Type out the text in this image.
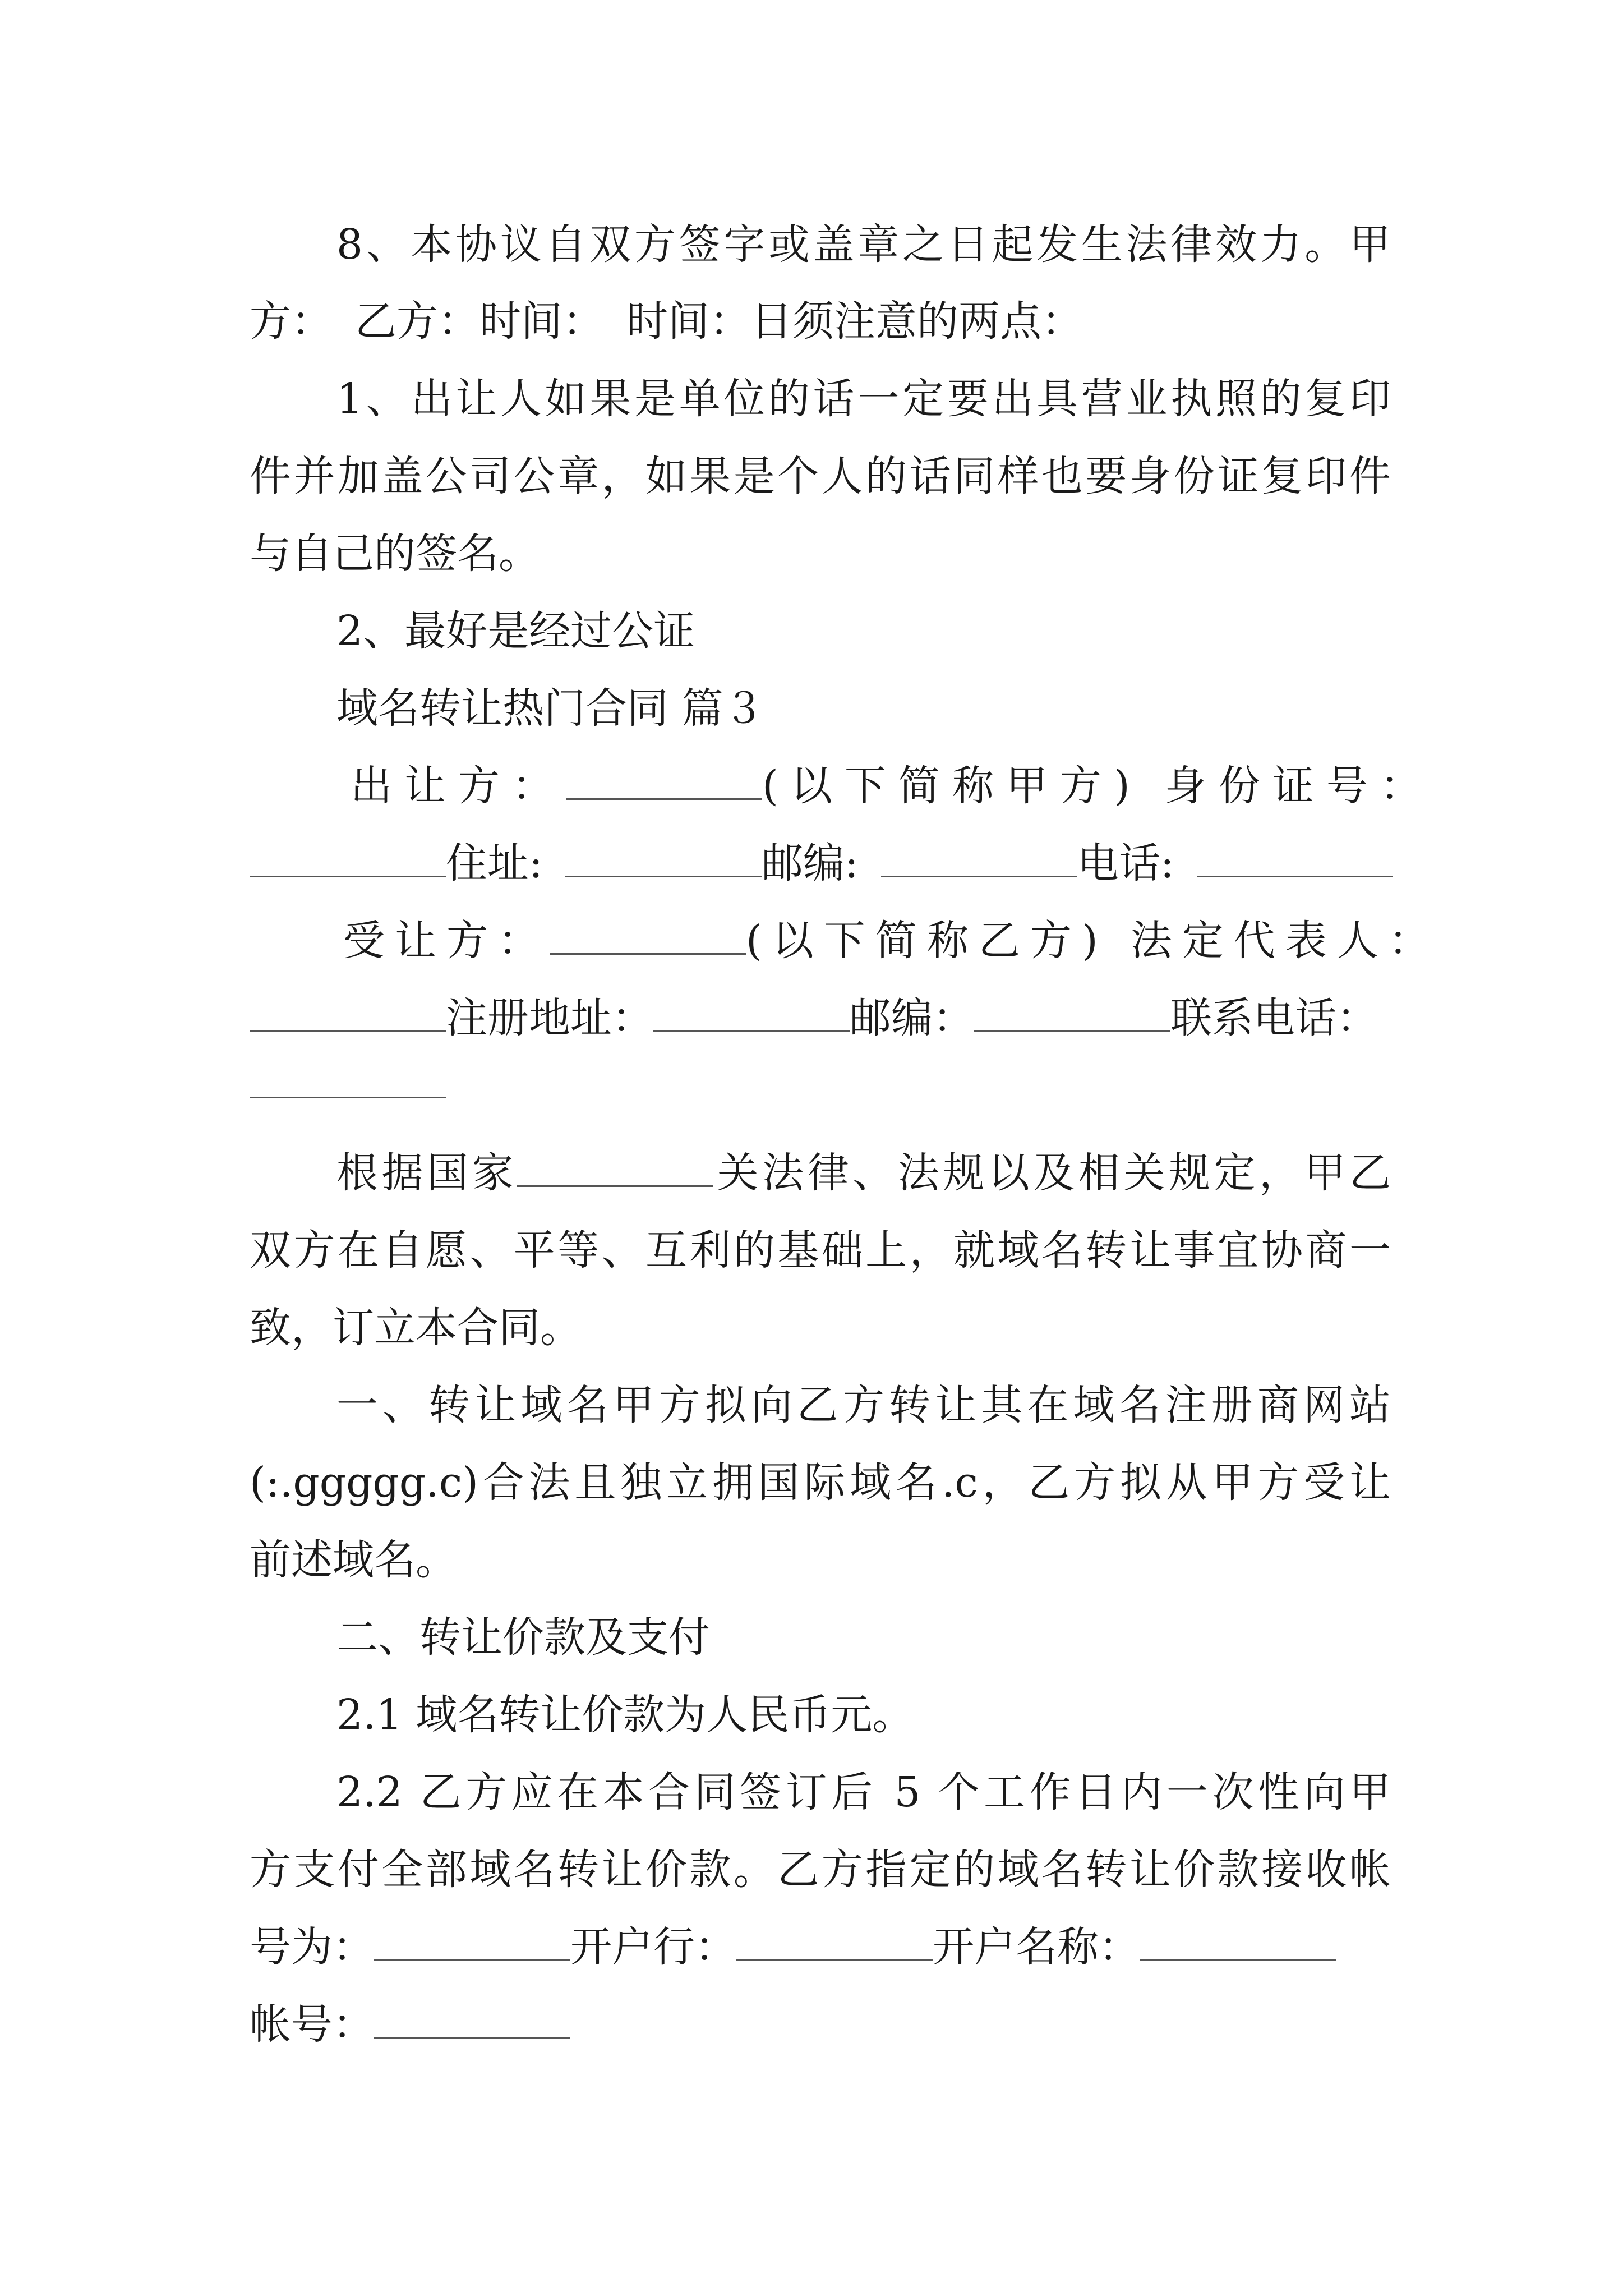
8、本协议自双方签字或盖章之日起发生法律效力。甲
方： 乙方：时间： 时间：日须注意的两点：
1、出让人如果是单位的话一定要出具营业执照的复印
件并加盖公司公章，如果是个人的话同样也要身份证复印件
与自己的签名。
2、最好是经过公证
域名转让热门合同 篇３
出让方：	(以下简称甲方) 身份证号：
住址:	邮编:	电话:
受让方：	(以下简称乙方) 法定代表人：
注册地址：	邮编：	联系电话：
根据国家	关法律、法规以及相关规定，甲乙
双方在自愿、平等、互利的基础上，就域名转让事宜协商一
致，订立本合同。
一、转让域名甲方拟向乙方转让其在域名注册商网站
(:.ggggg.c)合法且独立拥国际域名.c，乙方拟从甲方受让
前述域名。
二、转让价款及支付
2.1 域名转让价款为人民币元。
2.2 乙方应在本合同签订后 5 个工作日内一次性向甲
方支付全部域名转让价款。乙方指定的域名转让价款接收帐
号为：	开户行：	开户名称：
帐号：
